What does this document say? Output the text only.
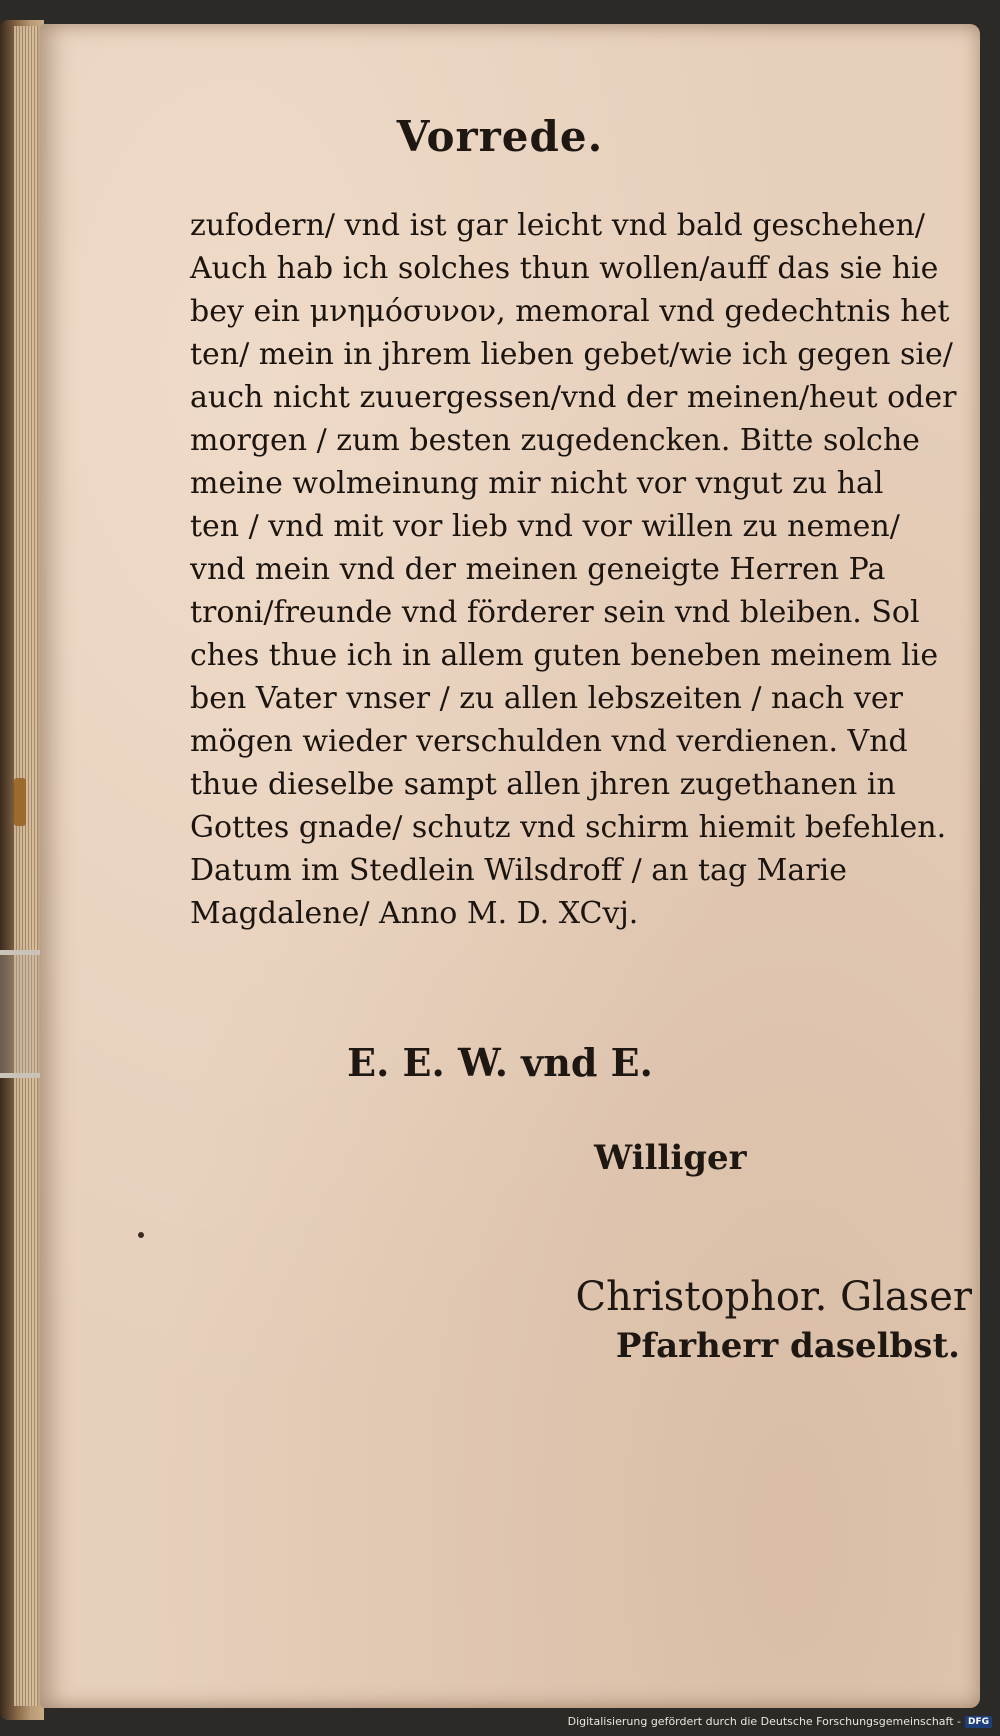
Vorrede.
zufodern/ vnd ist gar leicht vnd bald geschehen/
Auch hab ich solches thun wollen/auff das sie hie
bey ein μνημόσυνον, memoral vnd gedechtnis het
ten/ mein in jhrem lieben gebet/wie ich gegen sie/
auch nicht zuuergessen/vnd der meinen/heut oder
morgen / zum besten zugedencken. Bitte solche
meine wolmeinung mir nicht vor vngut zu hal
ten / vnd mit vor lieb vnd vor willen zu nemen/
vnd mein vnd der meinen geneigte Herren Pa
troni/freunde vnd förderer sein vnd bleiben. Sol
ches thue ich in allem guten beneben meinem lie
ben Vater vnser / zu allen lebszeiten / nach ver
mögen wieder verschulden vnd verdienen. Vnd
thue dieselbe sampt allen jhren zugethanen in
Gottes gnade/ schutz vnd schirm hiemit befehlen.
Datum im Stedlein Wilsdroff / an tag Marie
Magdalene/ Anno M. D. XCvj.
E. E. W. vnd E.
Williger
Christophor. Glaser
Pfarherr daselbst.
Digitalisierung gefördert durch die Deutsche Forschungsgemeinschaft - DFG
